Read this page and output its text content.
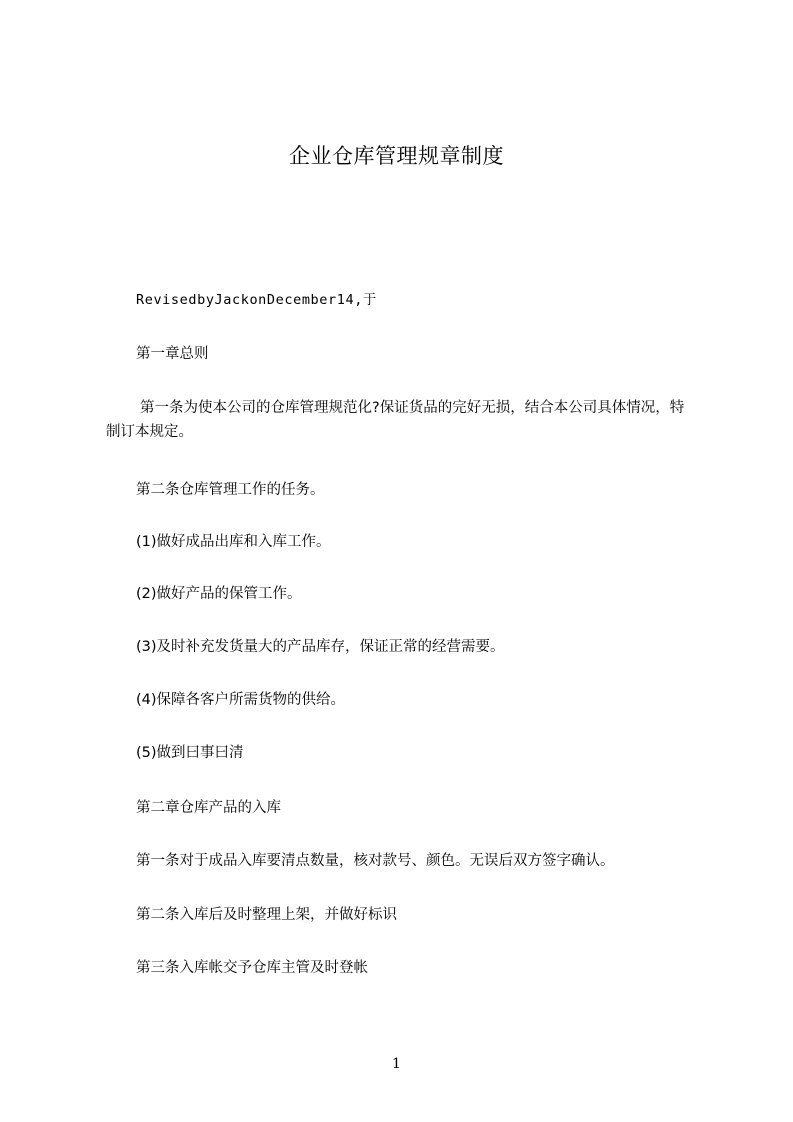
企业仓库管理规章制度
RevisedbyJackonDecember14,于
第一章总则
第一条为使本公司的仓库管理规范化?保证货品的完好无损，结合本公司具体情况，特制订本规定。
第二条仓库管理工作的任务。
(1)做好成品出库和入库工作。
(2)做好产品的保管工作。
(3)及时补充发货量大的产品库存，保证正常的经营需要。
(4)保障各客户所需货物的供给。
(5)做到曰事曰清
第二章仓库产品的入库
第一条对于成品入库要清点数量，核对款号、颜色。无误后双方签字确认。
第二条入库后及时整理上架，并做好标识
第三条入库帐交予仓库主管及时登帐
1
